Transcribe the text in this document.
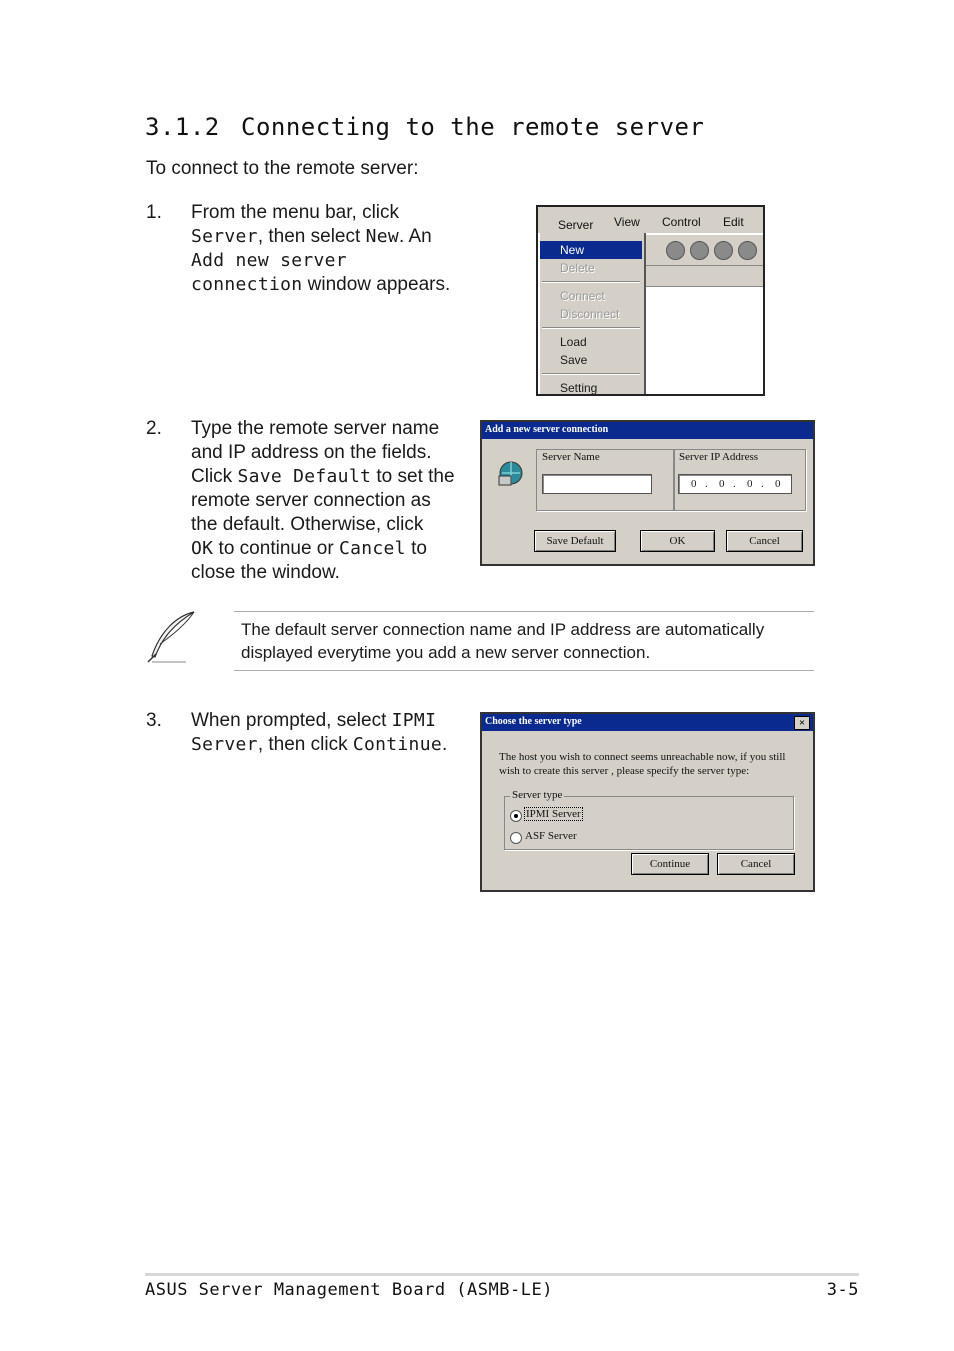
3.1.2 Connecting to the remote server
To connect to the remote server:
1. From the menu bar, click
Server, then select New. An
Add new server
connection window appears.
Server View Control Edit
New
Delete
Connect
Disconnect
Load
Save
Setting
2. Type the remote server name
and IP address on the fields.
Click Save Default to set the
remote server connection as
the default. Otherwise, click
OK to continue or Cancel to
close the window.
Add a new server connection
Server Name	Server IP Address
0 . 0 . 0 . 0
Save Default	OK	Cancel
The default server connection name and IP address are automatically
displayed everytime you add a new server connection.
3. When prompted, select IPMI
Server, then click Continue.
Choose the server type	×
The host you wish to connect seems unreachable now, if you still
wish to create this server , please specify the server type:
Server type
IPMI Server
ASF Server
Continue	Cancel
ASUS Server Management Board (ASMB-LE)	3-5
